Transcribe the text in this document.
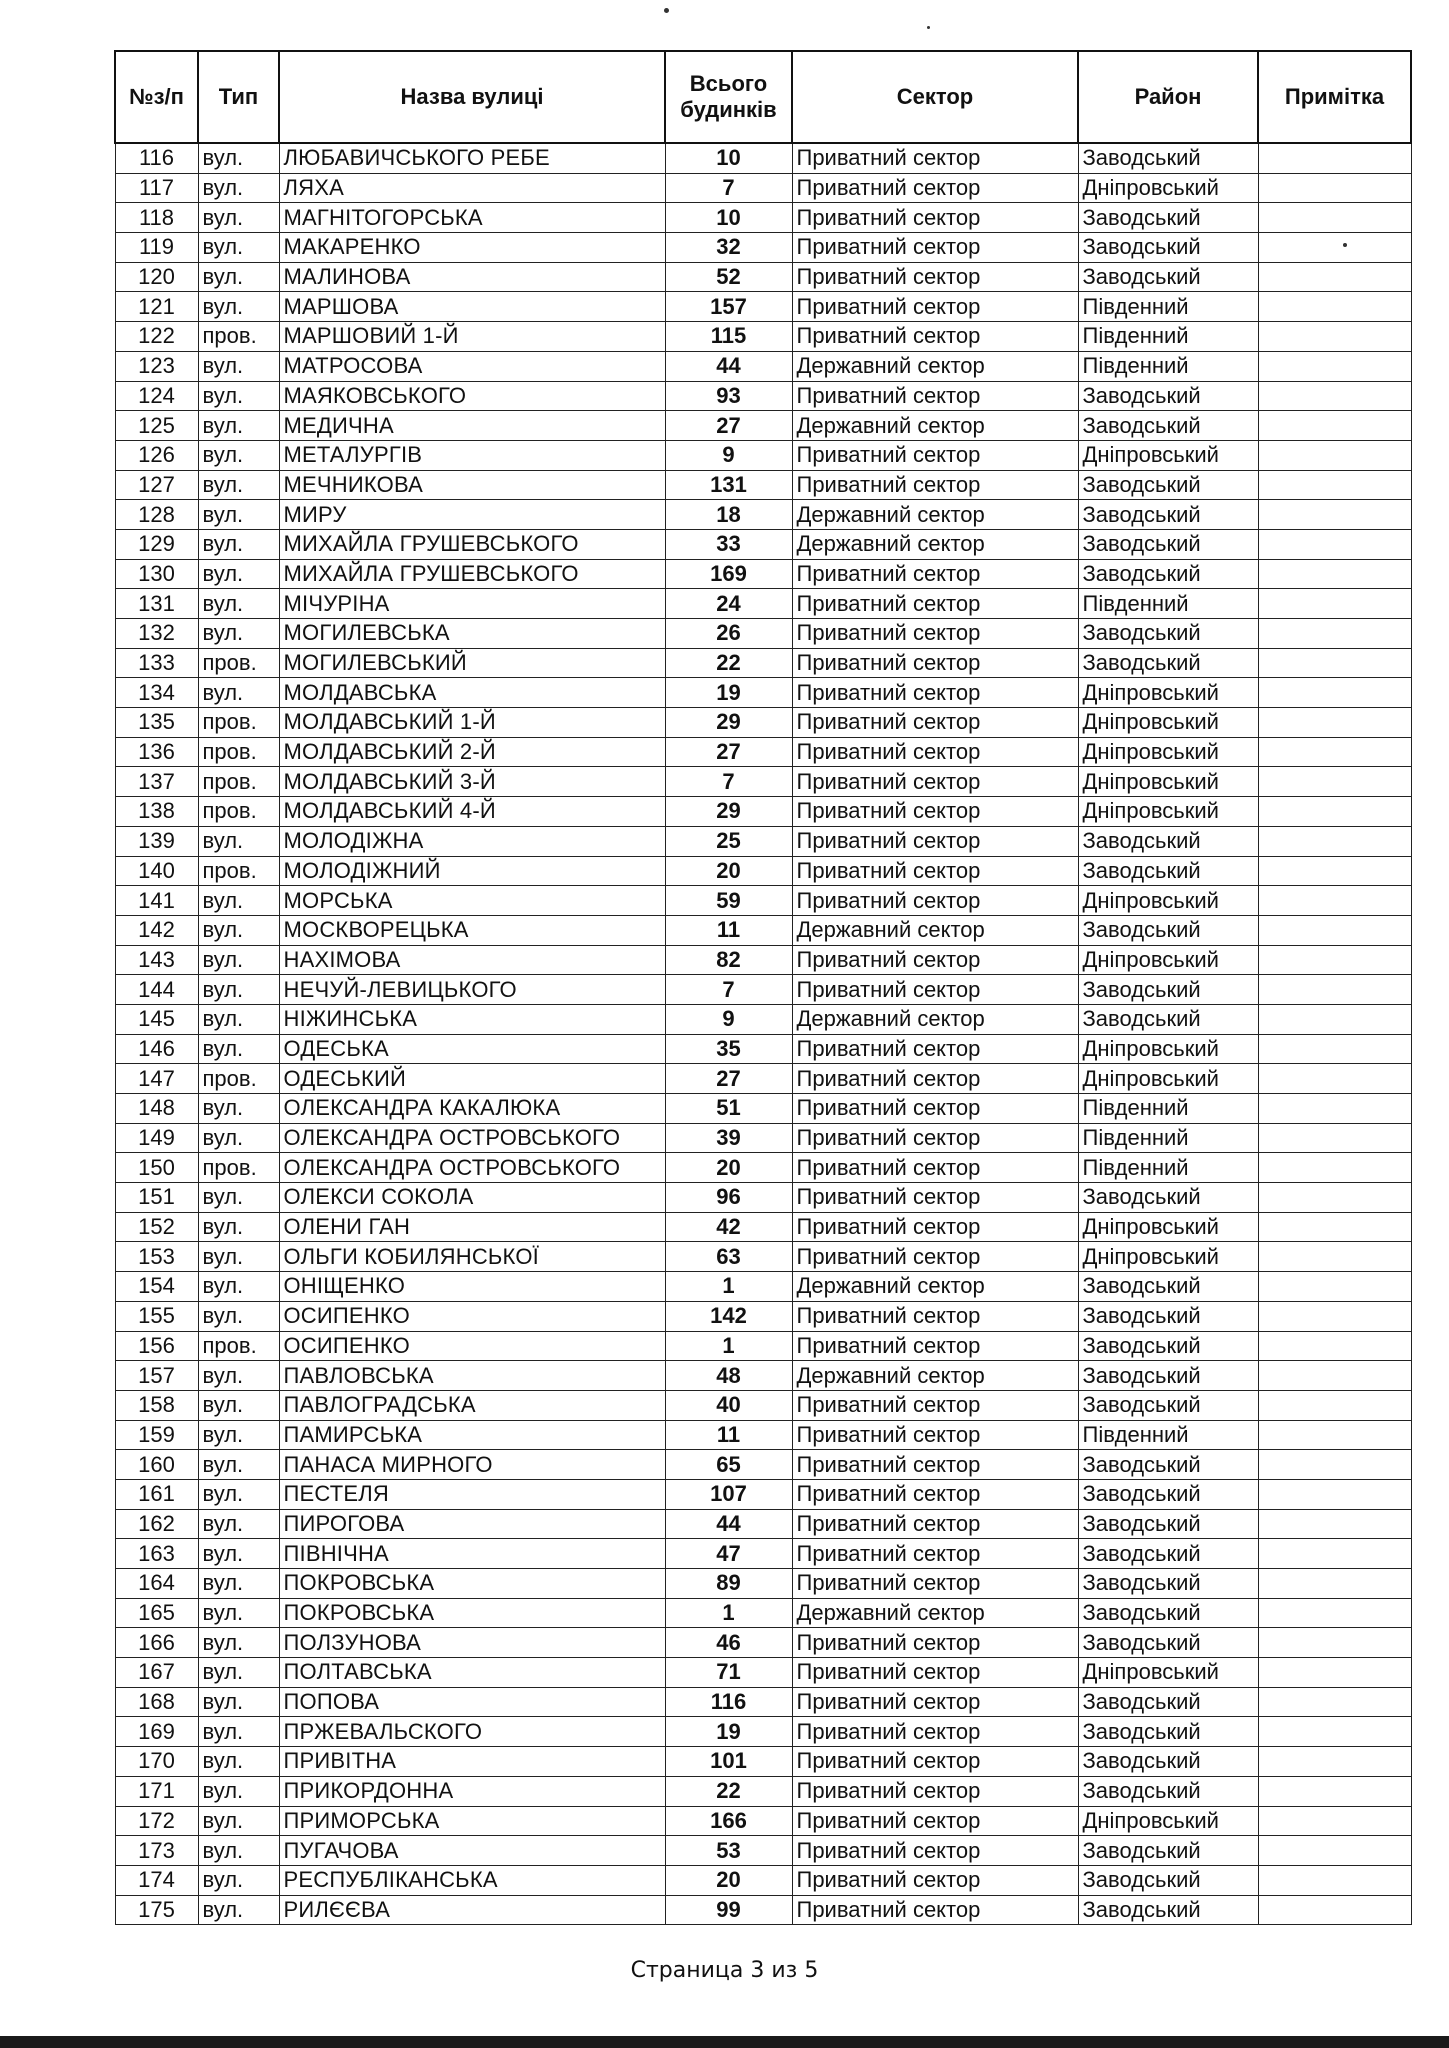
№з/п	Тип	Назва вулиці	Всього будинків	Сектор	Район	Примітка
116	вул.	ЛЮБАВИЧСЬКОГО РЕБЕ	10	Приватний сектор	Заводський	
117	вул.	ЛЯХА	7	Приватний сектор	Дніпровський	
118	вул.	МАГНІТОГОРСЬКА	10	Приватний сектор	Заводський	
119	вул.	МАКАРЕНКО	32	Приватний сектор	Заводський	
120	вул.	МАЛИНОВА	52	Приватний сектор	Заводський	
121	вул.	МАРШОВА	157	Приватний сектор	Південний	
122	пров.	МАРШОВИЙ 1-Й	115	Приватний сектор	Південний	
123	вул.	МАТРОСОВА	44	Державний сектор	Південний	
124	вул.	МАЯКОВСЬКОГО	93	Приватний сектор	Заводський	
125	вул.	МЕДИЧНА	27	Державний сектор	Заводський	
126	вул.	МЕТАЛУРГІВ	9	Приватний сектор	Дніпровський	
127	вул.	МЕЧНИКОВА	131	Приватний сектор	Заводський	
128	вул.	МИРУ	18	Державний сектор	Заводський	
129	вул.	МИХАЙЛА ГРУШЕВСЬКОГО	33	Державний сектор	Заводський	
130	вул.	МИХАЙЛА ГРУШЕВСЬКОГО	169	Приватний сектор	Заводський	
131	вул.	МІЧУРІНА	24	Приватний сектор	Південний	
132	вул.	МОГИЛЕВСЬКА	26	Приватний сектор	Заводський	
133	пров.	МОГИЛЕВСЬКИЙ	22	Приватний сектор	Заводський	
134	вул.	МОЛДАВСЬКА	19	Приватний сектор	Дніпровський	
135	пров.	МОЛДАВСЬКИЙ 1-Й	29	Приватний сектор	Дніпровський	
136	пров.	МОЛДАВСЬКИЙ 2-Й	27	Приватний сектор	Дніпровський	
137	пров.	МОЛДАВСЬКИЙ 3-Й	7	Приватний сектор	Дніпровський	
138	пров.	МОЛДАВСЬКИЙ 4-Й	29	Приватний сектор	Дніпровський	
139	вул.	МОЛОДІЖНА	25	Приватний сектор	Заводський	
140	пров.	МОЛОДІЖНИЙ	20	Приватний сектор	Заводський	
141	вул.	МОРСЬКА	59	Приватний сектор	Дніпровський	
142	вул.	МОСКВОРЕЦЬКА	11	Державний сектор	Заводський	
143	вул.	НАХІМОВА	82	Приватний сектор	Дніпровський	
144	вул.	НЕЧУЙ-ЛЕВИЦЬКОГО	7	Приватний сектор	Заводський	
145	вул.	НІЖИНСЬКА	9	Державний сектор	Заводський	
146	вул.	ОДЕСЬКА	35	Приватний сектор	Дніпровський	
147	пров.	ОДЕСЬКИЙ	27	Приватний сектор	Дніпровський	
148	вул.	ОЛЕКСАНДРА КАКАЛЮКА	51	Приватний сектор	Південний	
149	вул.	ОЛЕКСАНДРА ОСТРОВСЬКОГО	39	Приватний сектор	Південний	
150	пров.	ОЛЕКСАНДРА ОСТРОВСЬКОГО	20	Приватний сектор	Південний	
151	вул.	ОЛЕКСИ СОКОЛА	96	Приватний сектор	Заводський	
152	вул.	ОЛЕНИ ГАН	42	Приватний сектор	Дніпровський	
153	вул.	ОЛЬГИ КОБИЛЯНСЬКОЇ	63	Приватний сектор	Дніпровський	
154	вул.	ОНІЩЕНКО	1	Державний сектор	Заводський	
155	вул.	ОСИПЕНКО	142	Приватний сектор	Заводський	
156	пров.	ОСИПЕНКО	1	Приватний сектор	Заводський	
157	вул.	ПАВЛОВСЬКА	48	Державний сектор	Заводський	
158	вул.	ПАВЛОГРАДСЬКА	40	Приватний сектор	Заводський	
159	вул.	ПАМИРСЬКА	11	Приватний сектор	Південний	
160	вул.	ПАНАСА МИРНОГО	65	Приватний сектор	Заводський	
161	вул.	ПЕСТЕЛЯ	107	Приватний сектор	Заводський	
162	вул.	ПИРОГОВА	44	Приватний сектор	Заводський	
163	вул.	ПІВНІЧНА	47	Приватний сектор	Заводський	
164	вул.	ПОКРОВСЬКА	89	Приватний сектор	Заводський	
165	вул.	ПОКРОВСЬКА	1	Державний сектор	Заводський	
166	вул.	ПОЛЗУНОВА	46	Приватний сектор	Заводський	
167	вул.	ПОЛТАВСЬКА	71	Приватний сектор	Дніпровський	
168	вул.	ПОПОВА	116	Приватний сектор	Заводський	
169	вул.	ПРЖЕВАЛЬСКОГО	19	Приватний сектор	Заводський	
170	вул.	ПРИВІТНА	101	Приватний сектор	Заводський	
171	вул.	ПРИКОРДОННА	22	Приватний сектор	Заводський	
172	вул.	ПРИМОРСЬКА	166	Приватний сектор	Дніпровський	
173	вул.	ПУГАЧОВА	53	Приватний сектор	Заводський	
174	вул.	РЕСПУБЛІКАНСЬКА	20	Приватний сектор	Заводський	
175	вул.	РИЛЄЄВА	99	Приватний сектор	Заводський	
Страница 3 из 5
